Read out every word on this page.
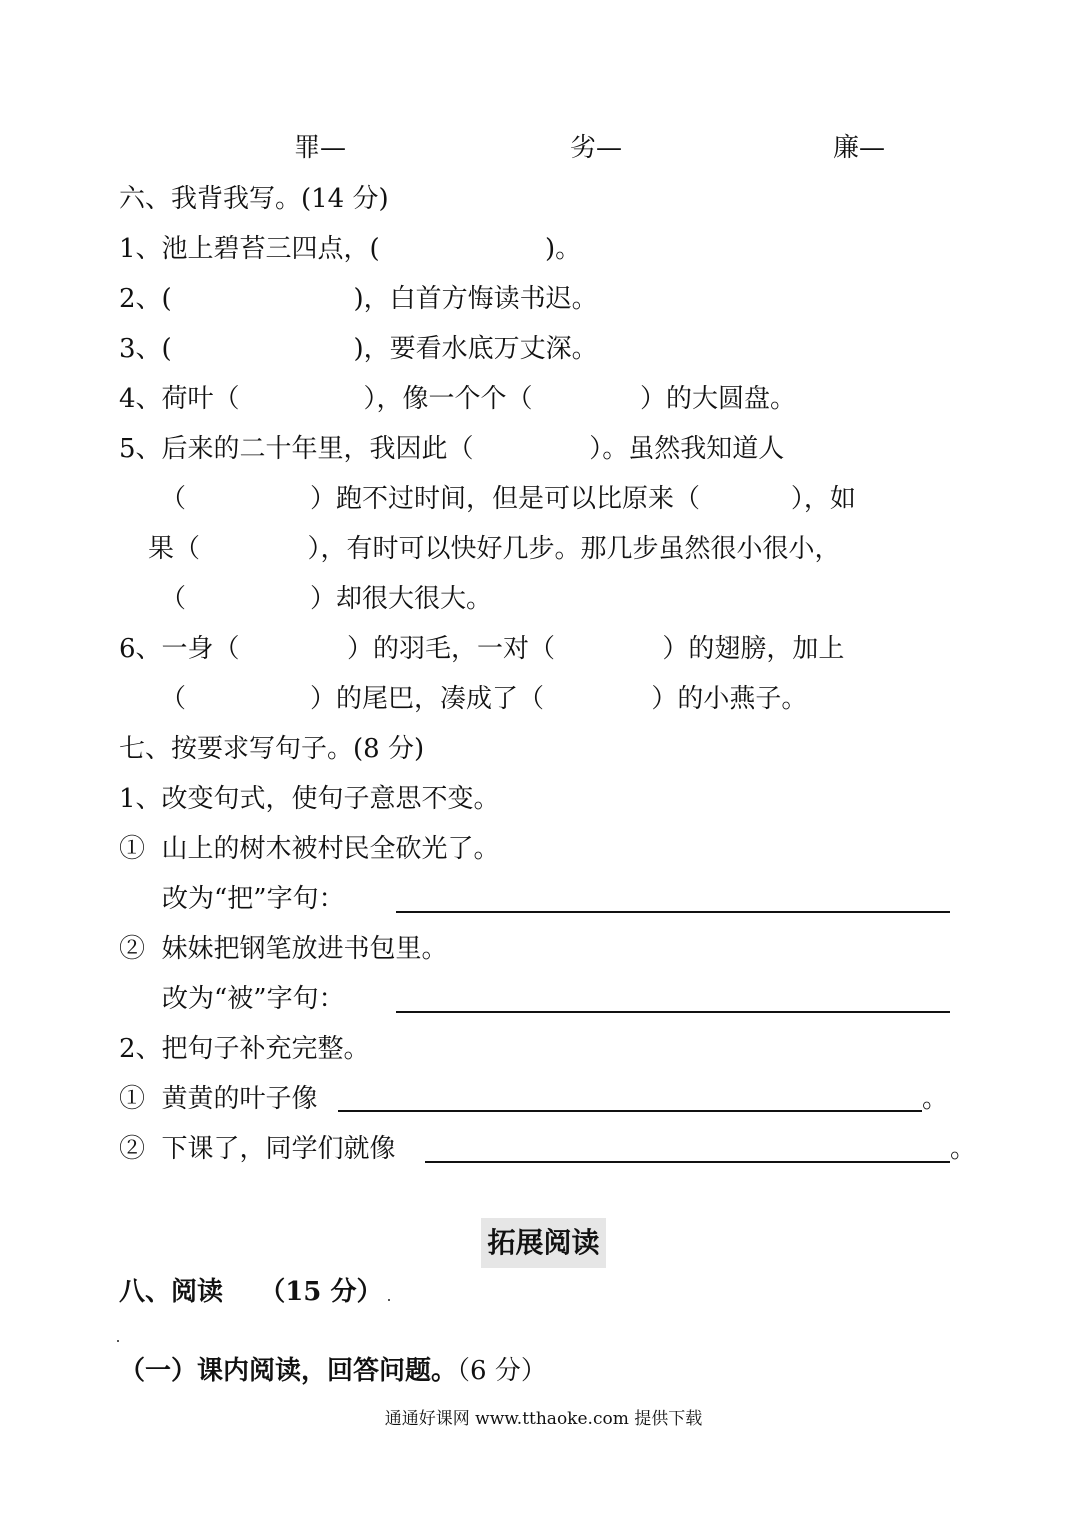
罪—	劣—	廉—
六、我背我写。(14 分)
1、池上碧苔三四点，(                    )。
2、(                      )，白首方悔读书迟。
3、(                      )，要看水底万丈深。
4、荷叶（               ），像一个个（             ）的大圆盘。
5、后来的二十年里，我因此（              ）。虽然我知道人
（               ）跑不过时间，但是可以比原来（           ），如
果（             ），有时可以快好几步。那几步虽然很小很小，
（               ）却很大很大。
6、一身（             ）的羽毛，一对（             ）的翅膀，加上
（               ）的尾巴，凑成了（             ）的小燕子。
七、按要求写句子。(8 分)
1、改变句式，使句子意思不变。
①  山上的树木被村民全砍光了。
改为“把”字句：
②  妹妹把钢笔放进书包里。
改为“被”字句：
2、把句子补充完整。
①  黄黄的叶子像	。
②  下课了，同学们就像	。
拓展阅读
八、阅读    （15 分）
（一）课内阅读，回答问题。（6 分）
通通好课网 www.tthaoke.com 提供下载
